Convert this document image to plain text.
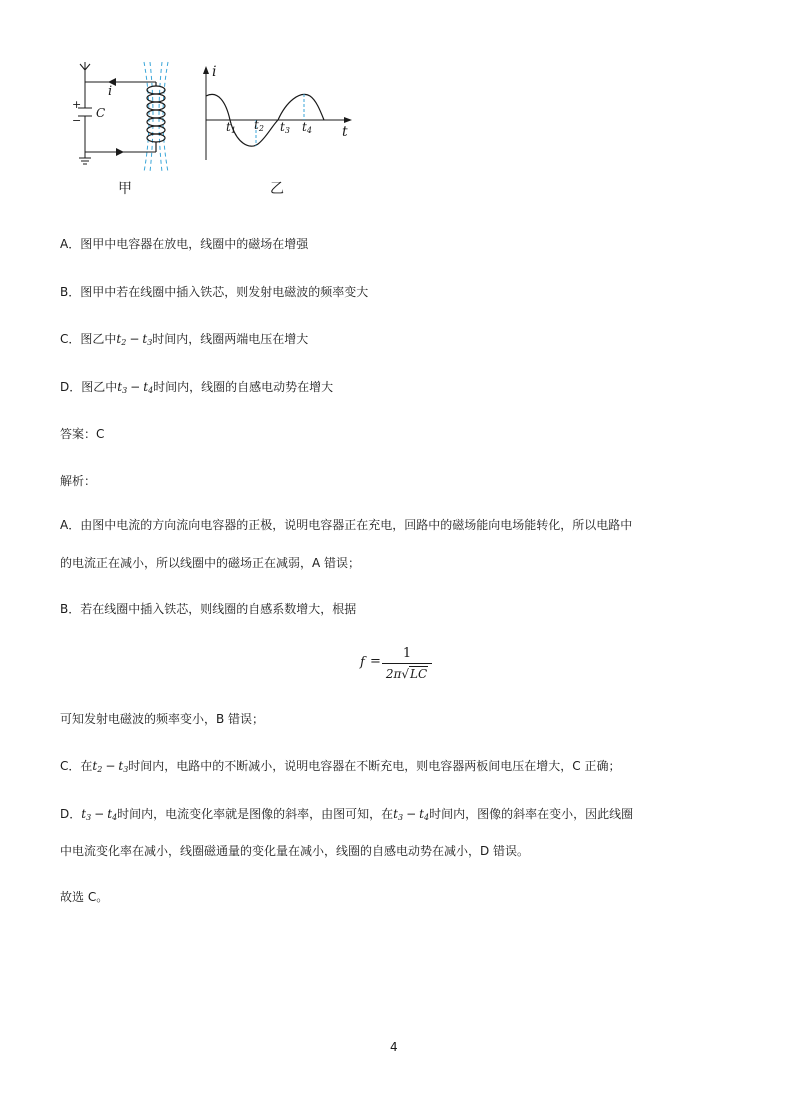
i
C
+
−
甲
i
t
$t_1$ $t_2$ $t_3$ $t_4$
乙
A．图甲中电容器在放电，线圈中的磁场在增强
B．图甲中若在线圈中插入铁芯，则发射电磁波的频率变大
C．图乙中$t_2 - t_3$时间内，线圈两端电压在增大
D．图乙中$t_3 - t_4$时间内，线圈的自感电动势在增大
答案：C
解析：
A．由图中电流的方向流向电容器的正极，说明电容器正在充电，回路中的磁场能向电场能转化，所以电路中
的电流正在减小，所以线圈中的磁场正在减弱，A 错误；
B．若在线圈中插入铁芯，则线圈的自感系数增大，根据
f =
1
2π√LC
可知发射电磁波的频率变小，B 错误；
C．在$t_2 - t_3$时间内，电路中的不断减小，说明电容器在不断充电，则电容器两板间电压在增大，C 正确；
D．$t_3 - t_4$时间内，电流变化率就是图像的斜率，由图可知，在$t_3 - t_4$时间内，图像的斜率在变小，因此线圈
中电流变化率在减小，线圈磁通量的变化量在减小，线圈的自感电动势在减小，D 错误。
故选 C。
4
